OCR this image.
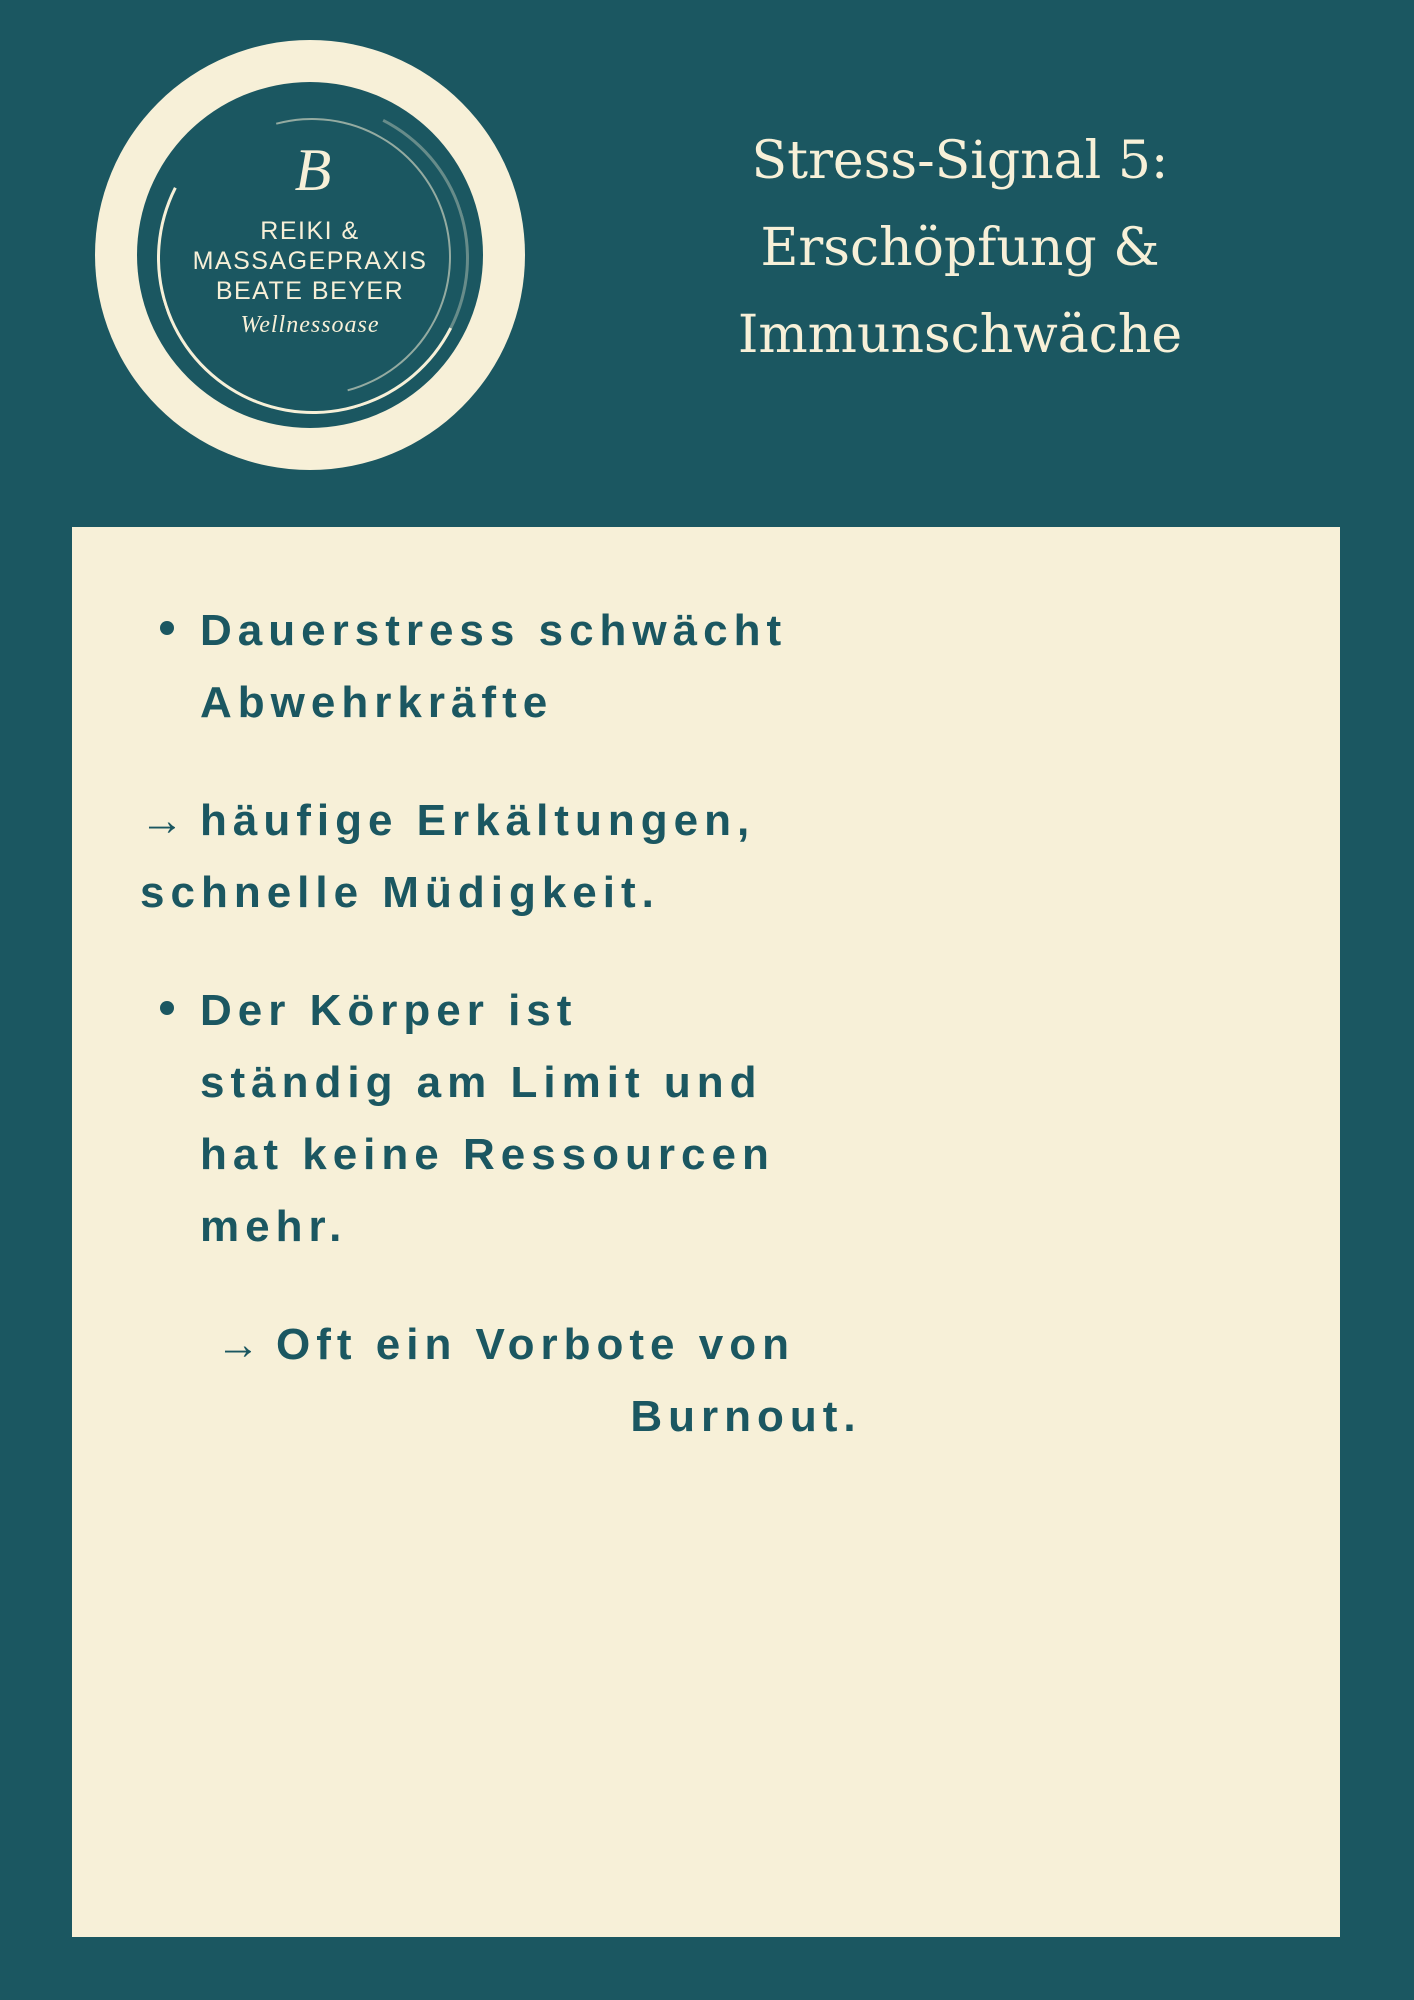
B
REIKI &
MASSAGEPRAXIS
BEATE BEYER
Wellnessoase
Stress-Signal 5:
Erschöpfung &
Immunschwäche
Dauerstress schwächt
Abwehrkräfte
→ häufige Erkältungen,
schnelle Müdigkeit.
Der Körper ist
ständig am Limit und
hat keine Ressourcen
mehr.
→ Oft ein Vorbote von

Burnout.
